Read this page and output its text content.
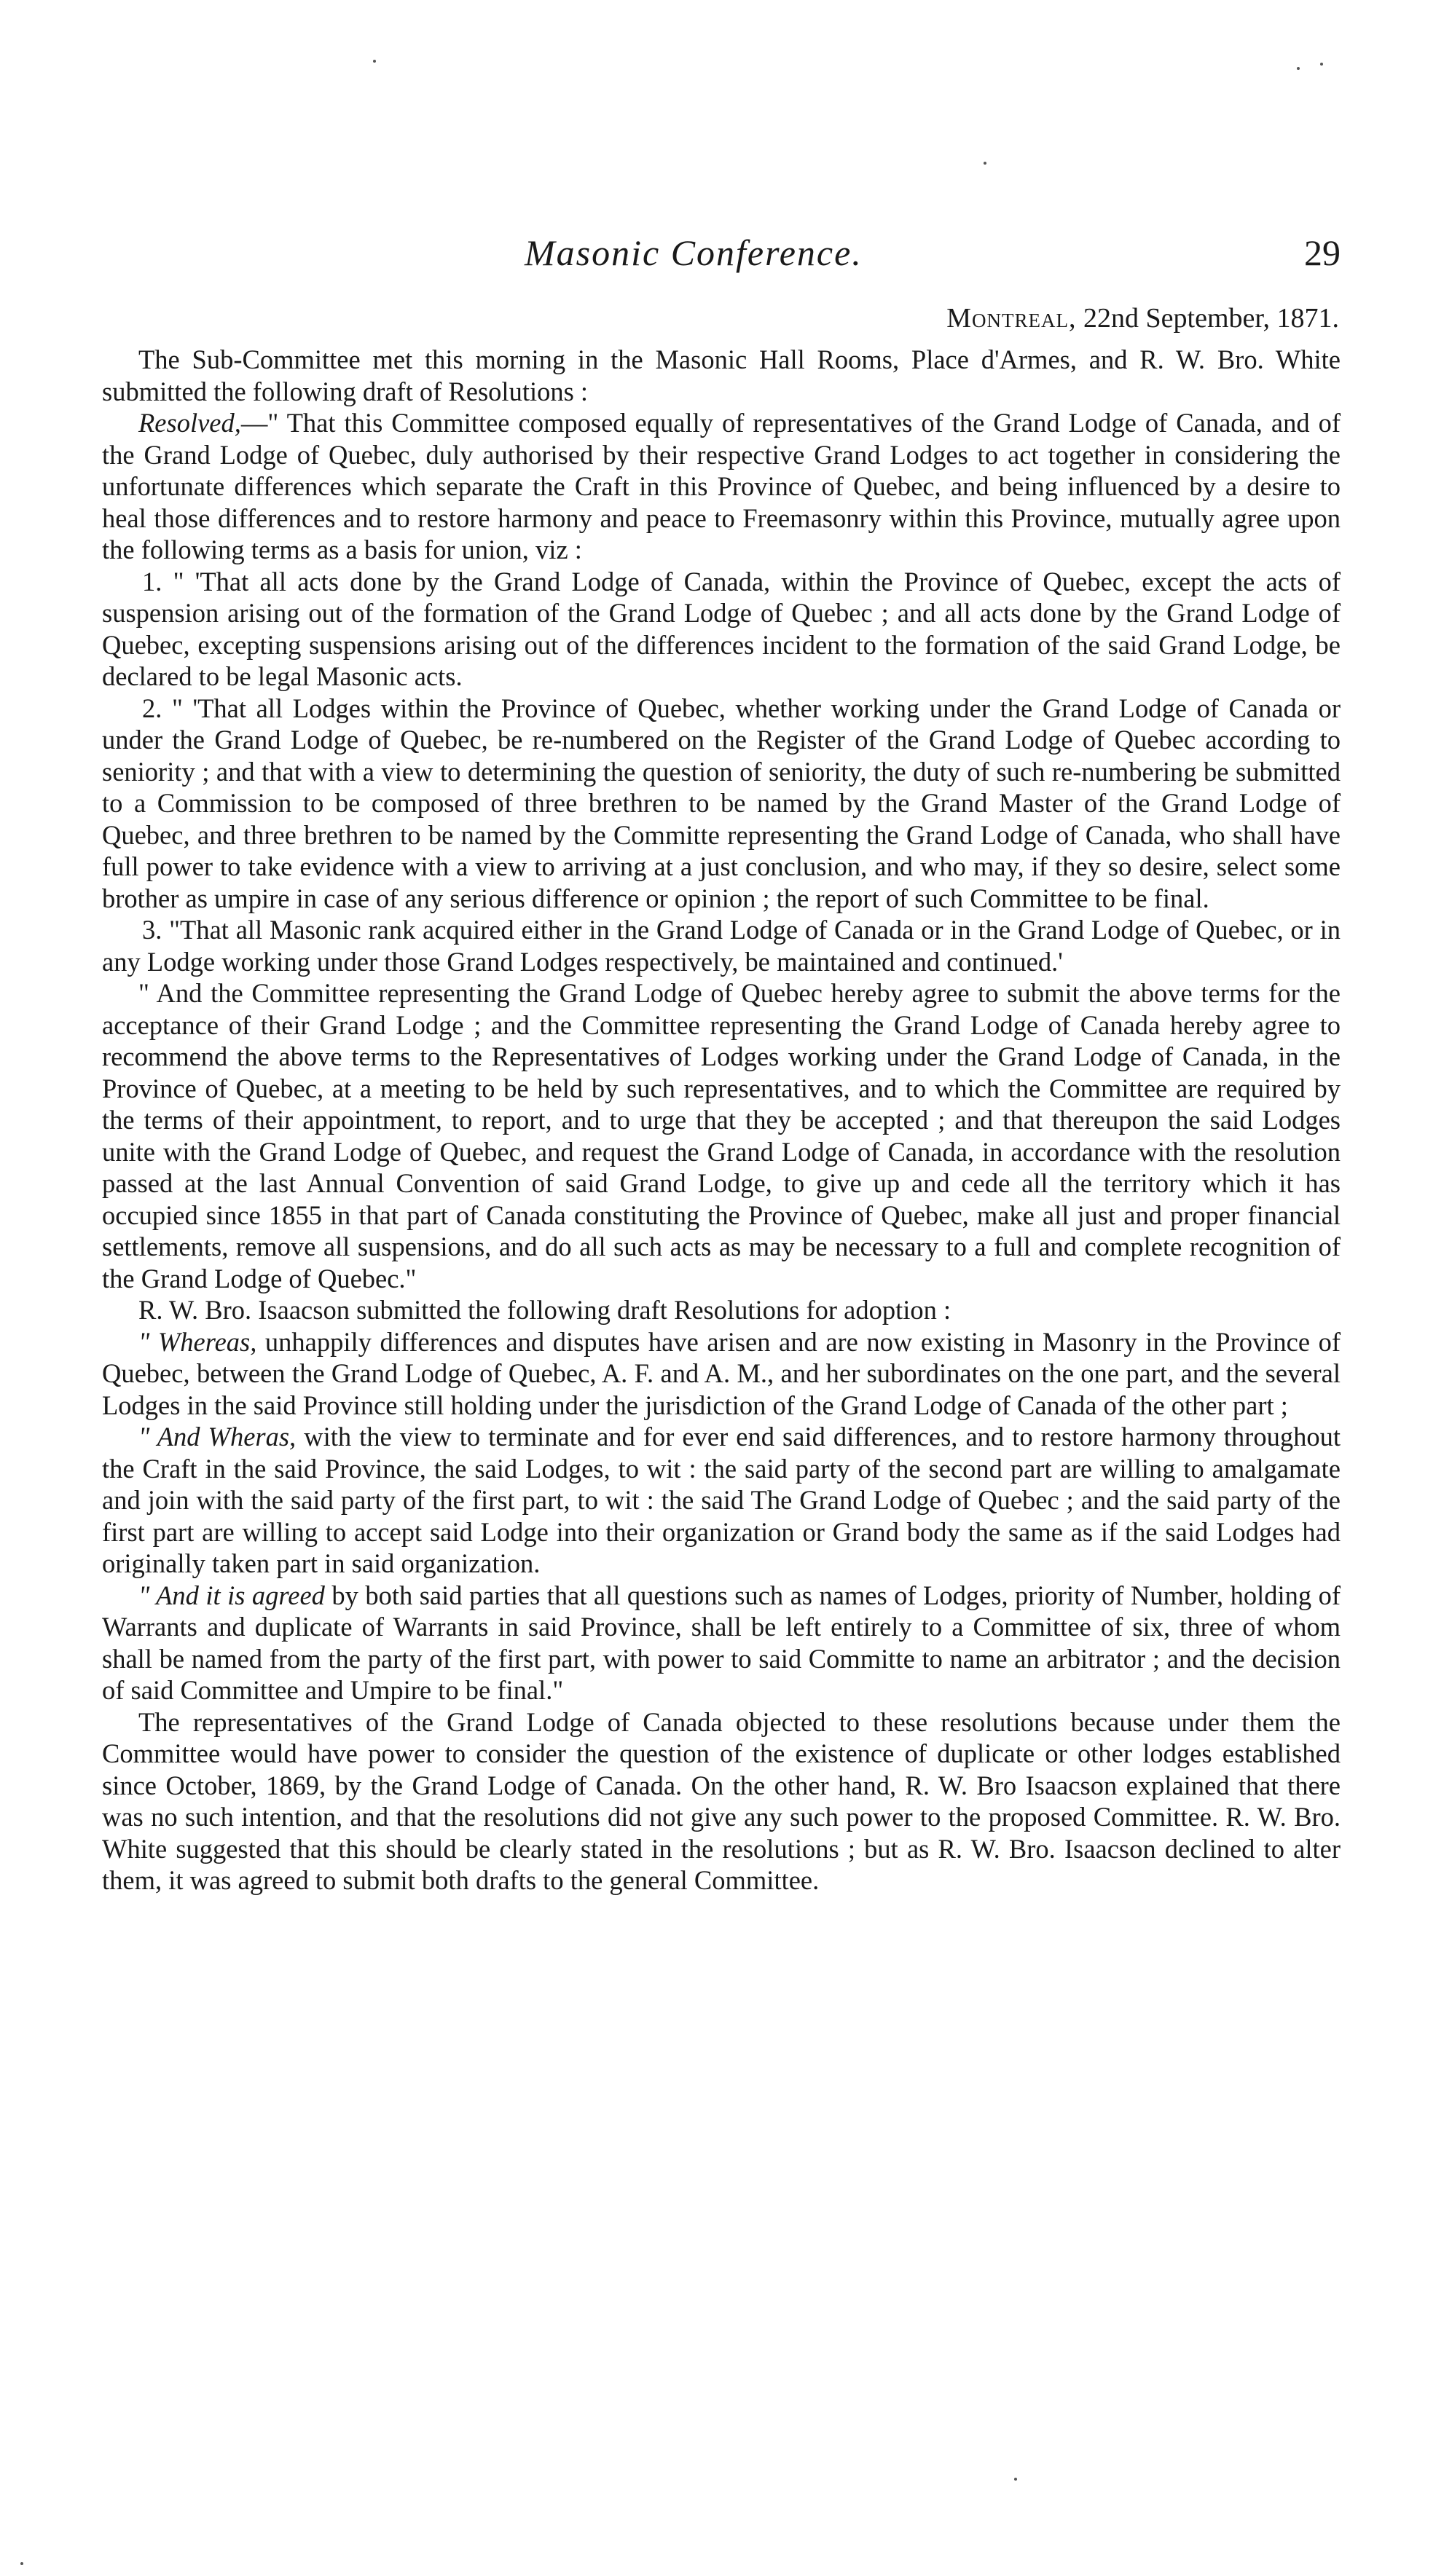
Masonic Conference.	29
Montreal, 22nd September, 1871.

The Sub-Committee met this morning in the Masonic Hall Rooms, Place d'Armes, and R. W. Bro. White submitted the following draft of Resolutions :

Resolved,—" That this Committee composed equally of representatives of the Grand Lodge of Canada, and of the Grand Lodge of Quebec, duly authorised by their respective Grand Lodges to act together in considering the unfortunate differences which separate the Craft in this Province of Quebec, and being influenced by a desire to heal those differences and to restore harmony and peace to Freemasonry within this Province, mutually agree upon the following terms as a basis for union, viz :

1. " 'That all acts done by the Grand Lodge of Canada, within the Province of Quebec, except the acts of suspension arising out of the formation of the Grand Lodge of Quebec ; and all acts done by the Grand Lodge of Quebec, excepting suspensions arising out of the differences incident to the formation of the said Grand Lodge, be declared to be legal Masonic acts.

2. " 'That all Lodges within the Province of Quebec, whether working under the Grand Lodge of Canada or under the Grand Lodge of Quebec, be re-numbered on the Register of the Grand Lodge of Quebec according to seniority ; and that with a view to determining the question of seniority, the duty of such re-numbering be submitted to a Commission to be composed of three brethren to be named by the Grand Master of the Grand Lodge of Quebec, and three brethren to be named by the Committe representing the Grand Lodge of Canada, who shall have full power to take evidence with a view to arriving at a just conclusion, and who may, if they so desire, select some brother as umpire in case of any serious difference or opinion ; the report of such Committee to be final.

3. "That all Masonic rank acquired either in the Grand Lodge of Canada or in the Grand Lodge of Quebec, or in any Lodge working under those Grand Lodges respectively, be maintained and continued.'

" And the Committee representing the Grand Lodge of Quebec hereby agree to submit the above terms for the acceptance of their Grand Lodge ; and the Committee representing the Grand Lodge of Canada hereby agree to recommend the above terms to the Representatives of Lodges working under the Grand Lodge of Canada, in the Province of Quebec, at a meeting to be held by such representatives, and to which the Committee are required by the terms of their appointment, to report, and to urge that they be accepted ; and that thereupon the said Lodges unite with the Grand Lodge of Quebec, and request the Grand Lodge of Canada, in accordance with the resolution passed at the last Annual Convention of said Grand Lodge, to give up and cede all the territory which it has occupied since 1855 in that part of Canada constituting the Province of Quebec, make all just and proper financial settlements, remove all suspensions, and do all such acts as may be necessary to a full and complete recognition of the Grand Lodge of Quebec."

R. W. Bro. Isaacson submitted the following draft Resolutions for adoption :

" Whereas, unhappily differences and disputes have arisen and are now existing in Masonry in the Province of Quebec, between the Grand Lodge of Quebec, A. F. and A. M., and her subordinates on the one part, and the several Lodges in the said Province still holding under the jurisdiction of the Grand Lodge of Canada of the other part ;

" And Wheras, with the view to terminate and for ever end said differences, and to restore harmony throughout the Craft in the said Province, the said Lodges, to wit : the said party of the second part are willing to amalgamate and join with the said party of the first part, to wit : the said The Grand Lodge of Quebec ; and the said party of the first part are willing to accept said Lodge into their organization or Grand body the same as if the said Lodges had originally taken part in said organization.

" And it is agreed by both said parties that all questions such as names of Lodges, priority of Number, holding of Warrants and duplicate of Warrants in said Province, shall be left entirely to a Committee of six, three of whom shall be named from the party of the first part, with power to said Committe to name an arbitrator ; and the decision of said Committee and Umpire to be final."

The representatives of the Grand Lodge of Canada objected to these resolutions because under them the Committee would have power to consider the question of the existence of duplicate or other lodges established since October, 1869, by the Grand Lodge of Canada. On the other hand, R. W. Bro Isaacson explained that there was no such intention, and that the resolutions did not give any such power to the proposed Committee. R. W. Bro. White suggested that this should be clearly stated in the resolutions ; but as R. W. Bro. Isaacson declined to alter them, it was agreed to submit both drafts to the general Committee.
